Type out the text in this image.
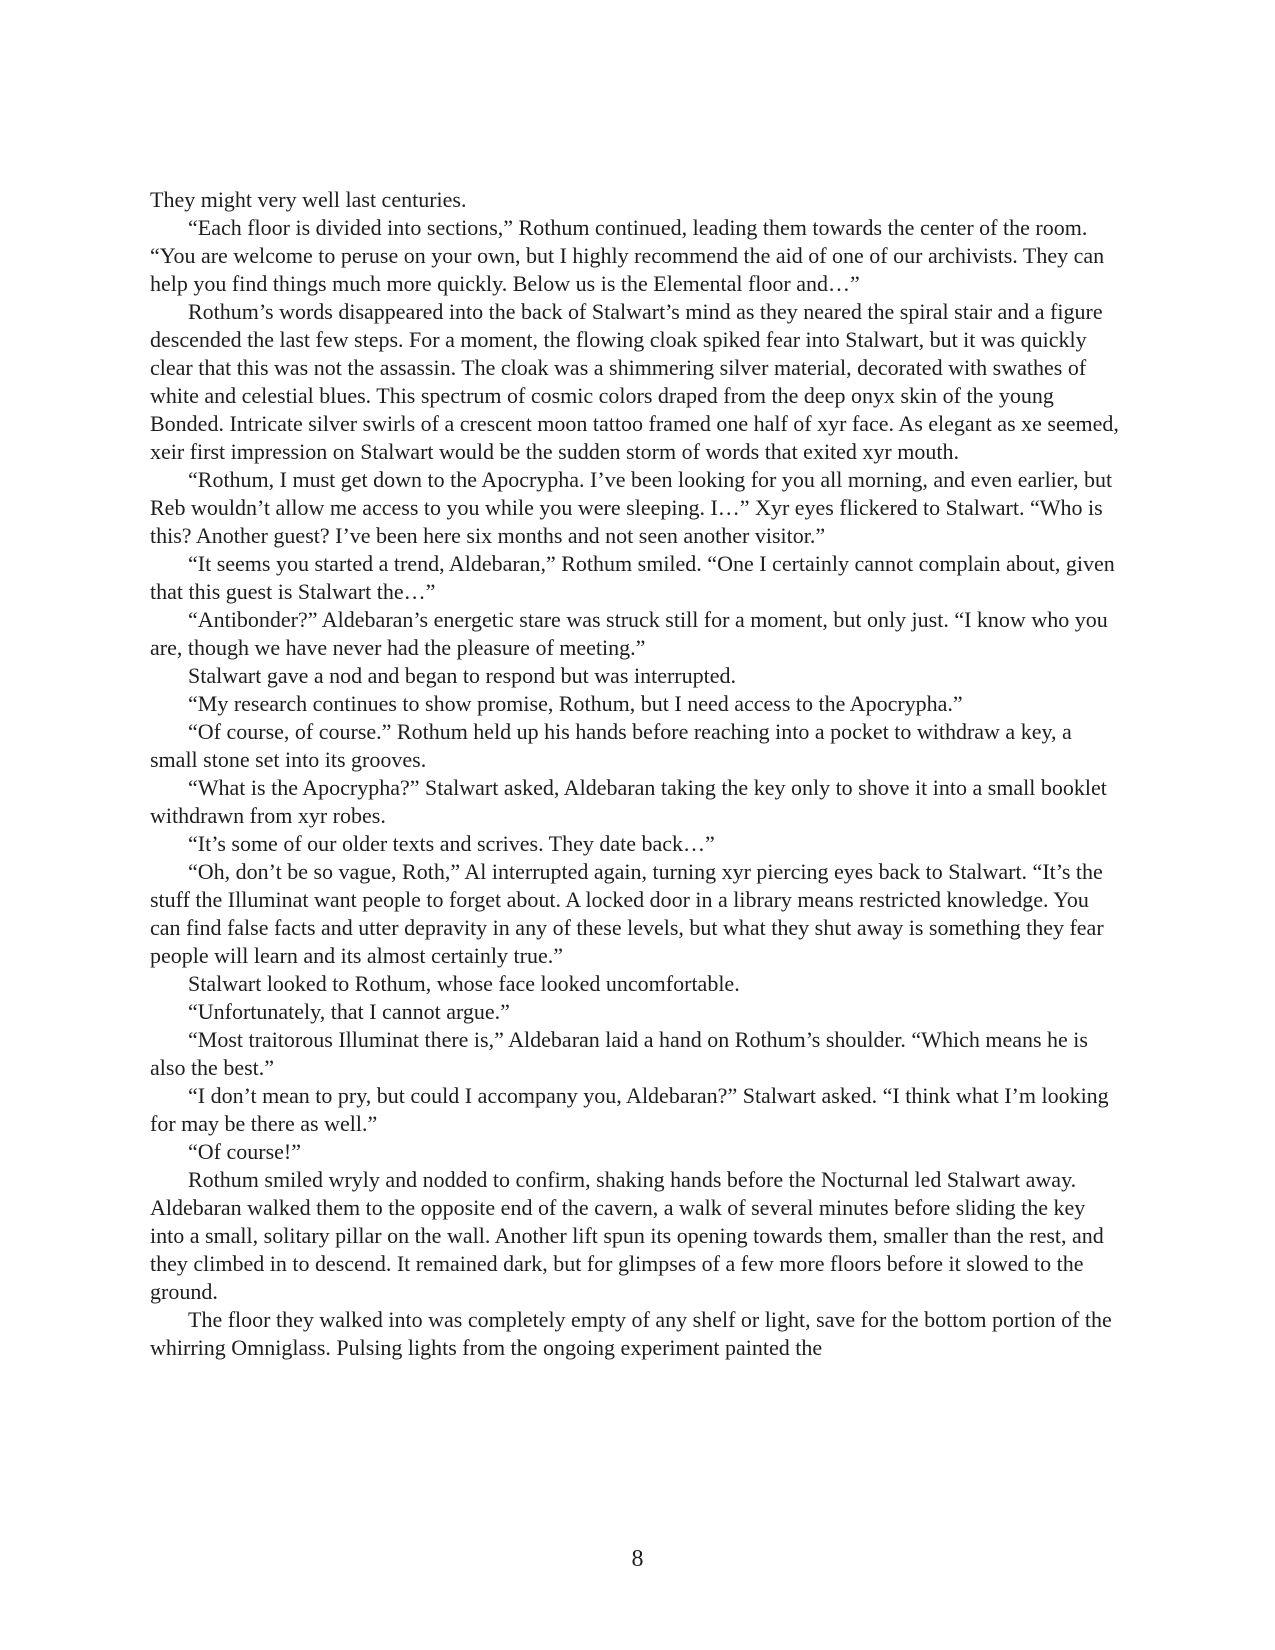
They might very well last centuries.

“Each floor is divided into sections,” Rothum continued, leading them towards the center of the room. “You are welcome to peruse on your own, but I highly recommend the aid of one of our archivists. They can help you find things much more quickly. Below us is the Elemental floor and…”

Rothum’s words disappeared into the back of Stalwart’s mind as they neared the spiral stair and a figure descended the last few steps. For a moment, the flowing cloak spiked fear into Stalwart, but it was quickly clear that this was not the assassin. The cloak was a shimmering silver material, decorated with swathes of white and celestial blues. This spectrum of cosmic colors draped from the deep onyx skin of the young Bonded. Intricate silver swirls of a crescent moon tattoo framed one half of xyr face. As elegant as xe seemed, xeir first impression on Stalwart would be the sudden storm of words that exited xyr mouth.

“Rothum, I must get down to the Apocrypha. I’ve been looking for you all morning, and even earlier, but Reb wouldn’t allow me access to you while you were sleeping. I…” Xyr eyes flickered to Stalwart. “Who is this? Another guest? I’ve been here six months and not seen another visitor.”

“It seems you started a trend, Aldebaran,” Rothum smiled. “One I certainly cannot complain about, given that this guest is Stalwart the…”

“Antibonder?” Aldebaran’s energetic stare was struck still for a moment, but only just. “I know who you are, though we have never had the pleasure of meeting.”

Stalwart gave a nod and began to respond but was interrupted.

“My research continues to show promise, Rothum, but I need access to the Apocrypha.”

“Of course, of course.” Rothum held up his hands before reaching into a pocket to withdraw a key, a small stone set into its grooves.

“What is the Apocrypha?” Stalwart asked, Aldebaran taking the key only to shove it into a small booklet withdrawn from xyr robes.

“It’s some of our older texts and scrives. They date back…”

“Oh, don’t be so vague, Roth,” Al interrupted again, turning xyr piercing eyes back to Stalwart. “It’s the stuff the Illuminat want people to forget about. A locked door in a library means restricted knowledge. You can find false facts and utter depravity in any of these levels, but what they shut away is something they fear people will learn and its almost certainly true.”

Stalwart looked to Rothum, whose face looked uncomfortable.

“Unfortunately, that I cannot argue.”

“Most traitorous Illuminat there is,” Aldebaran laid a hand on Rothum’s shoulder. “Which means he is also the best.”

“I don’t mean to pry, but could I accompany you, Aldebaran?” Stalwart asked. “I think what I’m looking for may be there as well.”

“Of course!”

Rothum smiled wryly and nodded to confirm, shaking hands before the Nocturnal led Stalwart away. Aldebaran walked them to the opposite end of the cavern, a walk of several minutes before sliding the key into a small, solitary pillar on the wall. Another lift spun its opening towards them, smaller than the rest, and they climbed in to descend. It remained dark, but for glimpses of a few more floors before it slowed to the ground.

The floor they walked into was completely empty of any shelf or light, save for the bottom portion of the whirring Omniglass. Pulsing lights from the ongoing experiment painted the

8
